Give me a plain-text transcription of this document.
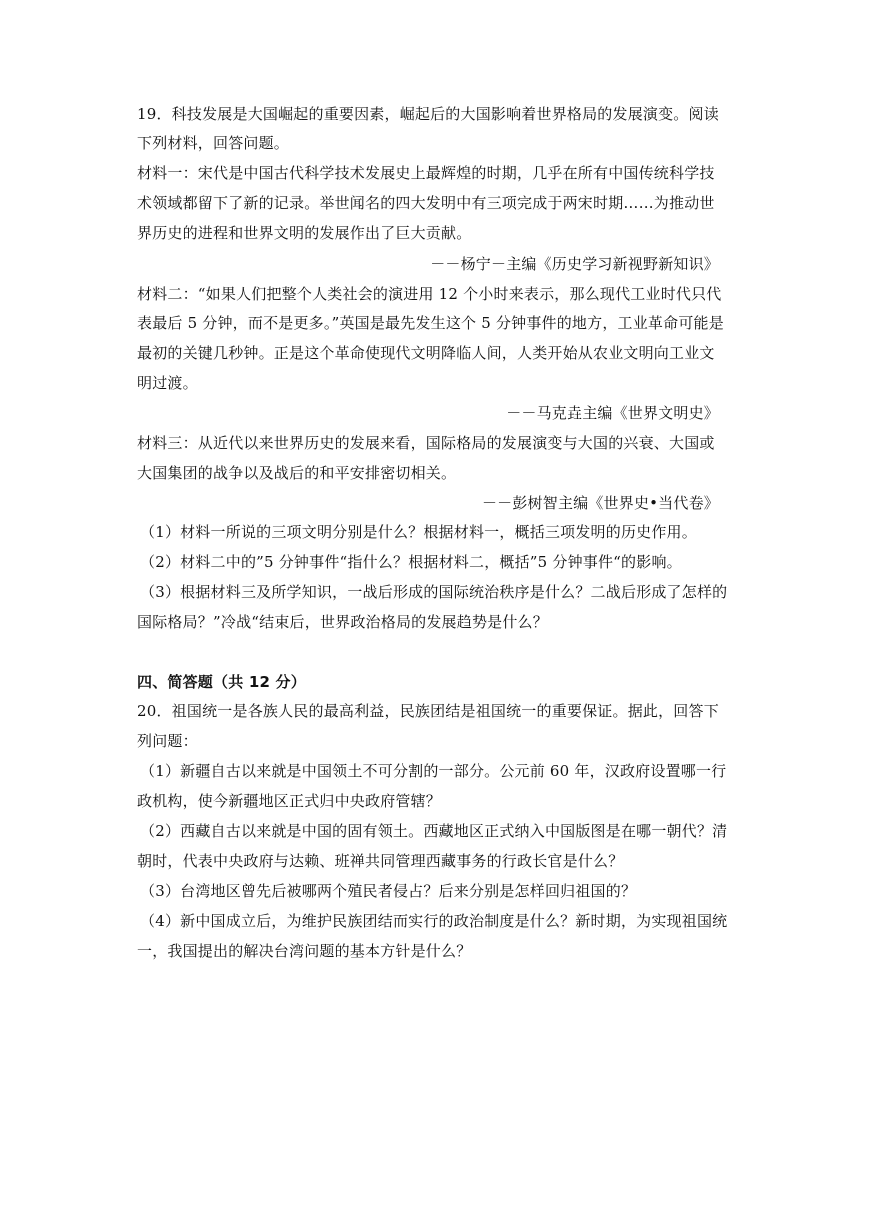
19．科技发展是大国崛起的重要因素，崛起后的大国影响着世界格局的发展演变。阅读
下列材料，回答问题。
材料一：宋代是中国古代科学技术发展史上最辉煌的时期，几乎在所有中国传统科学技
术领域都留下了新的记录。举世闻名的四大发明中有三项完成于两宋时期……为推动世
界历史的进程和世界文明的发展作出了巨大贡献。
－－杨宁－主编《历史学习新视野新知识》
材料二：“如果人们把整个人类社会的演进用 12 个小时来表示，那么现代工业时代只代
表最后 5 分钟，而不是更多。”英国是最先发生这个 5 分钟事件的地方，工业革命可能是
最初的关键几秒钟。正是这个革命使现代文明降临人间，人类开始从农业文明向工业文
明过渡。
－－马克垚主编《世界文明史》
材料三：从近代以来世界历史的发展来看，国际格局的发展演变与大国的兴衰、大国或
大国集团的战争以及战后的和平安排密切相关。
－－彭树智主编《世界史•当代卷》
（1）材料一所说的三项文明分别是什么？根据材料一，概括三项发明的历史作用。
（2）材料二中的”5 分钟事件“指什么？根据材料二，概括”5 分钟事件“的影响。
（3）根据材料三及所学知识，一战后形成的国际统治秩序是什么？二战后形成了怎样的
国际格局？”冷战“结束后，世界政治格局的发展趋势是什么？
四、简答题（共 12 分）
20．祖国统一是各族人民的最高利益，民族团结是祖国统一的重要保证。据此，回答下
列问题：
（1）新疆自古以来就是中国领土不可分割的一部分。公元前 60 年，汉政府设置哪一行
政机构，使今新疆地区正式归中央政府管辖？
（2）西藏自古以来就是中国的固有领土。西藏地区正式纳入中国版图是在哪一朝代？清
朝时，代表中央政府与达赖、班禅共同管理西藏事务的行政长官是什么？
（3）台湾地区曾先后被哪两个殖民者侵占？后来分别是怎样回归祖国的？
（4）新中国成立后，为维护民族团结而实行的政治制度是什么？新时期，为实现祖国统
一，我国提出的解决台湾问题的基本方针是什么？
